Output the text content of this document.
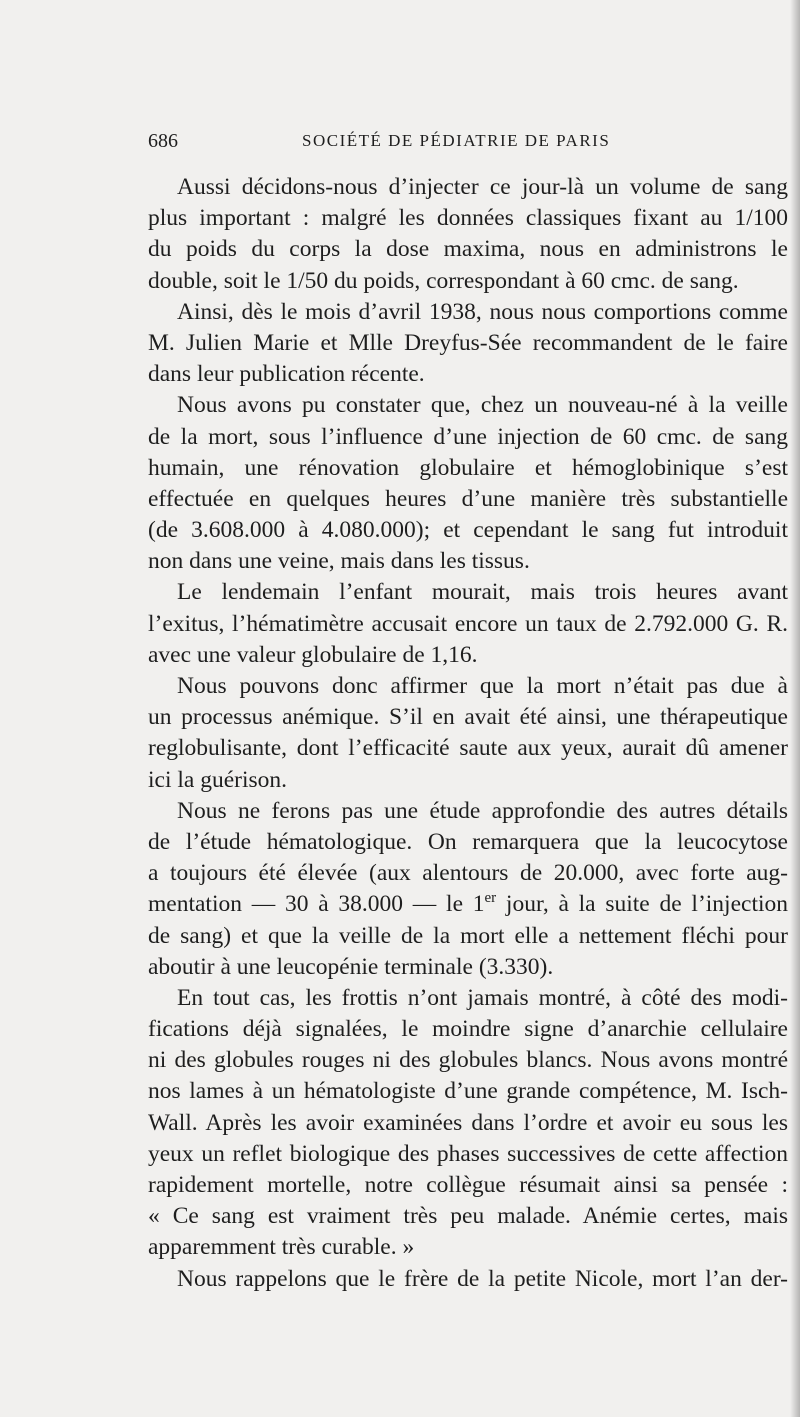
686	SOCIÉTÉ DE PÉDIATRIE DE PARIS
Aussi décidons-nous d’injecter ce jour-là un volume de sang
plus important : malgré les données classiques fixant au 1/100
du poids du corps la dose maxima, nous en administrons le
double, soit le 1/50 du poids, correspondant à 60 cmc. de sang.
Ainsi, dès le mois d’avril 1938, nous nous comportions comme
M. Julien Marie et Mlle Dreyfus-Sée recommandent de le faire
dans leur publication récente.
Nous avons pu constater que, chez un nouveau-né à la veille
de la mort, sous l’influence d’une injection de 60 cmc. de sang
humain, une rénovation globulaire et hémoglobinique s’est
effectuée en quelques heures d’une manière très substantielle
(de 3.608.000 à 4.080.000); et cependant le sang fut introduit
non dans une veine, mais dans les tissus.
Le lendemain l’enfant mourait, mais trois heures avant
l’exitus, l’hématimètre accusait encore un taux de 2.792.000 G. R.
avec une valeur globulaire de 1,16.
Nous pouvons donc affirmer que la mort n’était pas due à
un processus anémique. S’il en avait été ainsi, une thérapeutique
reglobulisante, dont l’efficacité saute aux yeux, aurait dû amener
ici la guérison.
Nous ne ferons pas une étude approfondie des autres détails
de l’étude hématologique. On remarquera que la leucocytose
a toujours été élevée (aux alentours de 20.000, avec forte aug-
mentation — 30 à 38.000 — le 1er jour, à la suite de l’injection
de sang) et que la veille de la mort elle a nettement fléchi pour
aboutir à une leucopénie terminale (3.330).
En tout cas, les frottis n’ont jamais montré, à côté des modi-
fications déjà signalées, le moindre signe d’anarchie cellulaire
ni des globules rouges ni des globules blancs. Nous avons montré
nos lames à un hématologiste d’une grande compétence, M. Isch-
Wall. Après les avoir examinées dans l’ordre et avoir eu sous les
yeux un reflet biologique des phases successives de cette affection
rapidement mortelle, notre collègue résumait ainsi sa pensée :
« Ce sang est vraiment très peu malade. Anémie certes, mais
apparemment très curable. »
Nous rappelons que le frère de la petite Nicole, mort l’an der-
